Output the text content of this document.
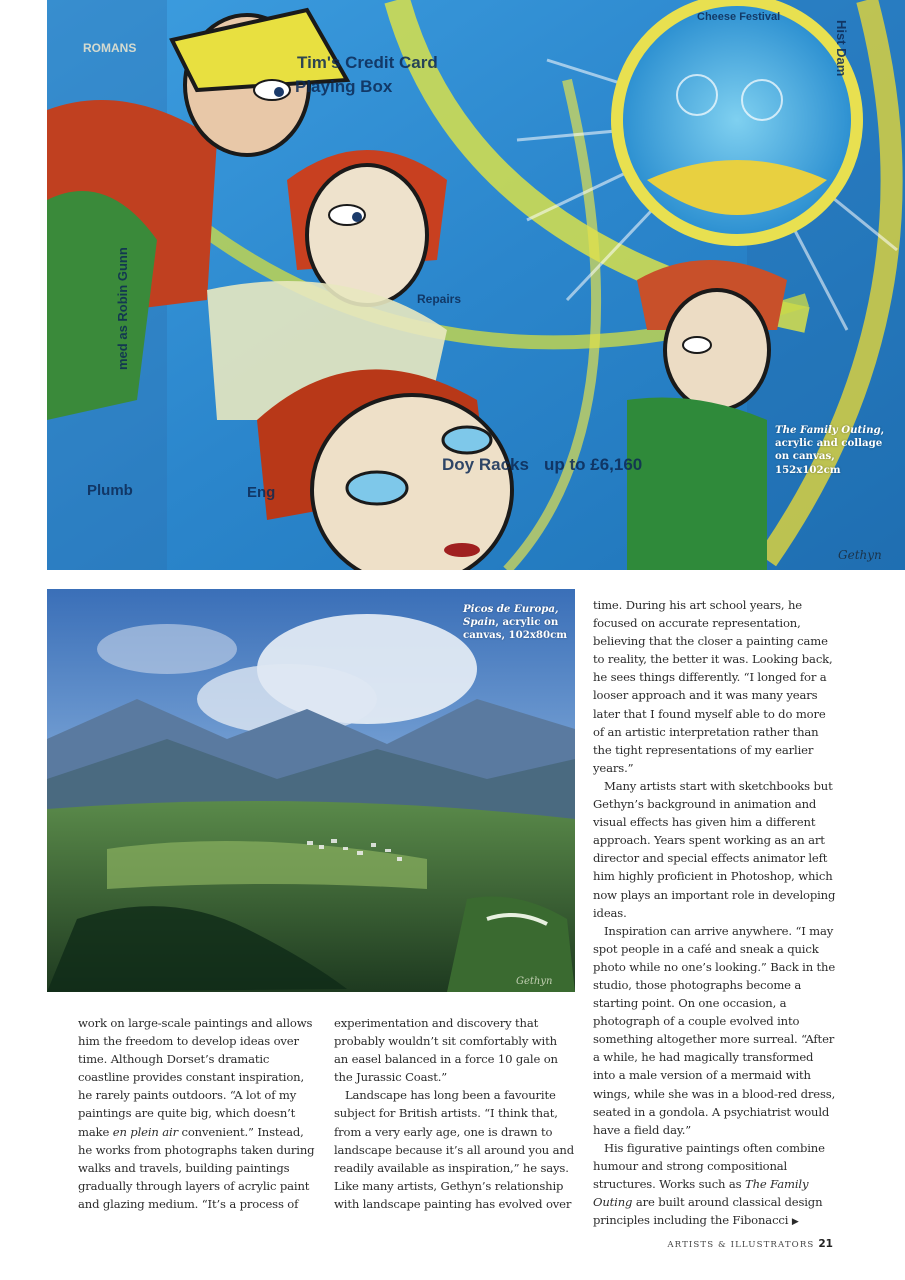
Cheese Festival
ROMANS
Tim's Credit Card
Playing Box
Repairs
Doy Racks up to £6,160
Plumb	Eng
med as Robin Gunn
Hist Dam
The Family Outing, acrylic and collage on canvas, 152x102cm
Gethyn
Picos de Europa, Spain, acrylic on canvas, 102x80cm
Gethyn

work on large-scale paintings and allows him the freedom to develop ideas over time. Although Dorset’s dramatic coastline provides constant inspiration, he rarely paints outdoors. “A lot of my paintings are quite big, which doesn’t make en plein air convenient.” Instead, he works from photographs taken during walks and travels, building paintings gradually through layers of acrylic paint and glazing medium. “It’s a process of

experimentation and discovery that probably wouldn’t sit comfortably with an easel balanced in a force 10 gale on the Jurassic Coast.”

Landscape has long been a favourite subject for British artists. “I think that, from a very early age, one is drawn to landscape because it’s all around you and readily available as inspiration,” he says. Like many artists, Gethyn’s relationship with landscape painting has evolved over

time. During his art school years, he focused on accurate representation, believing that the closer a painting came to reality, the better it was. Looking back, he sees things differently. “I longed for a looser approach and it was many years later that I found myself able to do more of an artistic interpretation rather than the tight representations of my earlier years.”

Many artists start with sketchbooks but Gethyn’s background in animation and visual effects has given him a different approach. Years spent working as an art director and special effects animator left him highly proficient in Photoshop, which now plays an important role in developing ideas.

Inspiration can arrive anywhere. “I may spot people in a café and sneak a quick photo while no one’s looking.” Back in the studio, those photographs become a starting point. On one occasion, a photograph of a couple evolved into something altogether more surreal. “After a while, he had magically transformed into a male version of a mermaid with wings, while she was in a blood-red dress, seated in a gondola. A psychiatrist would have a field day.”

His figurative paintings often combine humour and strong compositional structures. Works such as The Family Outing are built around classical design principles including the Fibonacci ▶

ARTISTS & ILLUSTRATORS 21
